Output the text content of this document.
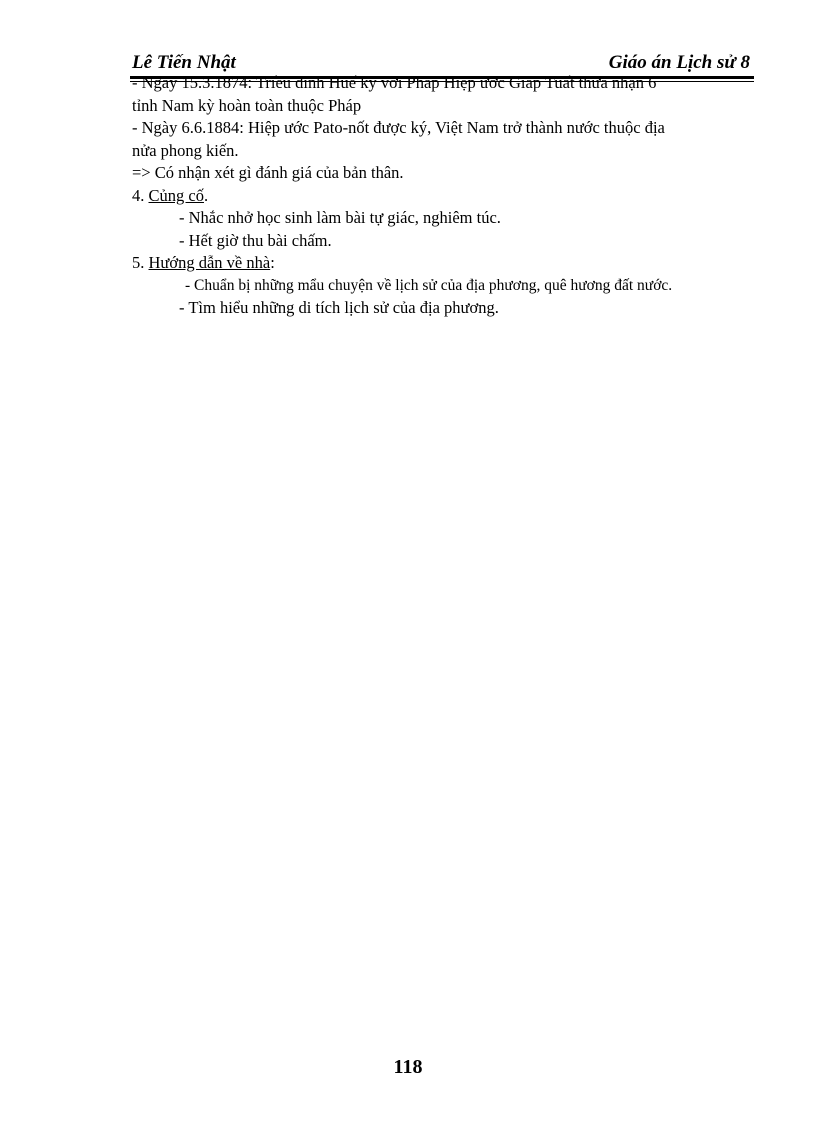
Lê Tiến Nhật	Giáo án Lịch sử 8
- Ngày 15.3.1874: Triều đình Huế ký với Pháp Hiệp ước Giáp Tuất thừa nhận 6
tỉnh Nam kỳ hoàn toàn thuộc Pháp
- Ngày 6.6.1884: Hiệp ước Pato-nốt được ký, Việt Nam trở thành nước thuộc địa
nửa phong kiến.
=> Có nhận xét gì đánh giá của bản thân.
4. Củng cố.
- Nhắc nhở học sinh làm bài tự giác, nghiêm túc.
- Hết giờ thu bài chấm.
5. Hướng dẫn về nhà:
- Chuẩn bị những mẩu chuyện về lịch sử của địa phương, quê hương đất nước.
- Tìm hiểu những di tích lịch sử của địa phương.
118
